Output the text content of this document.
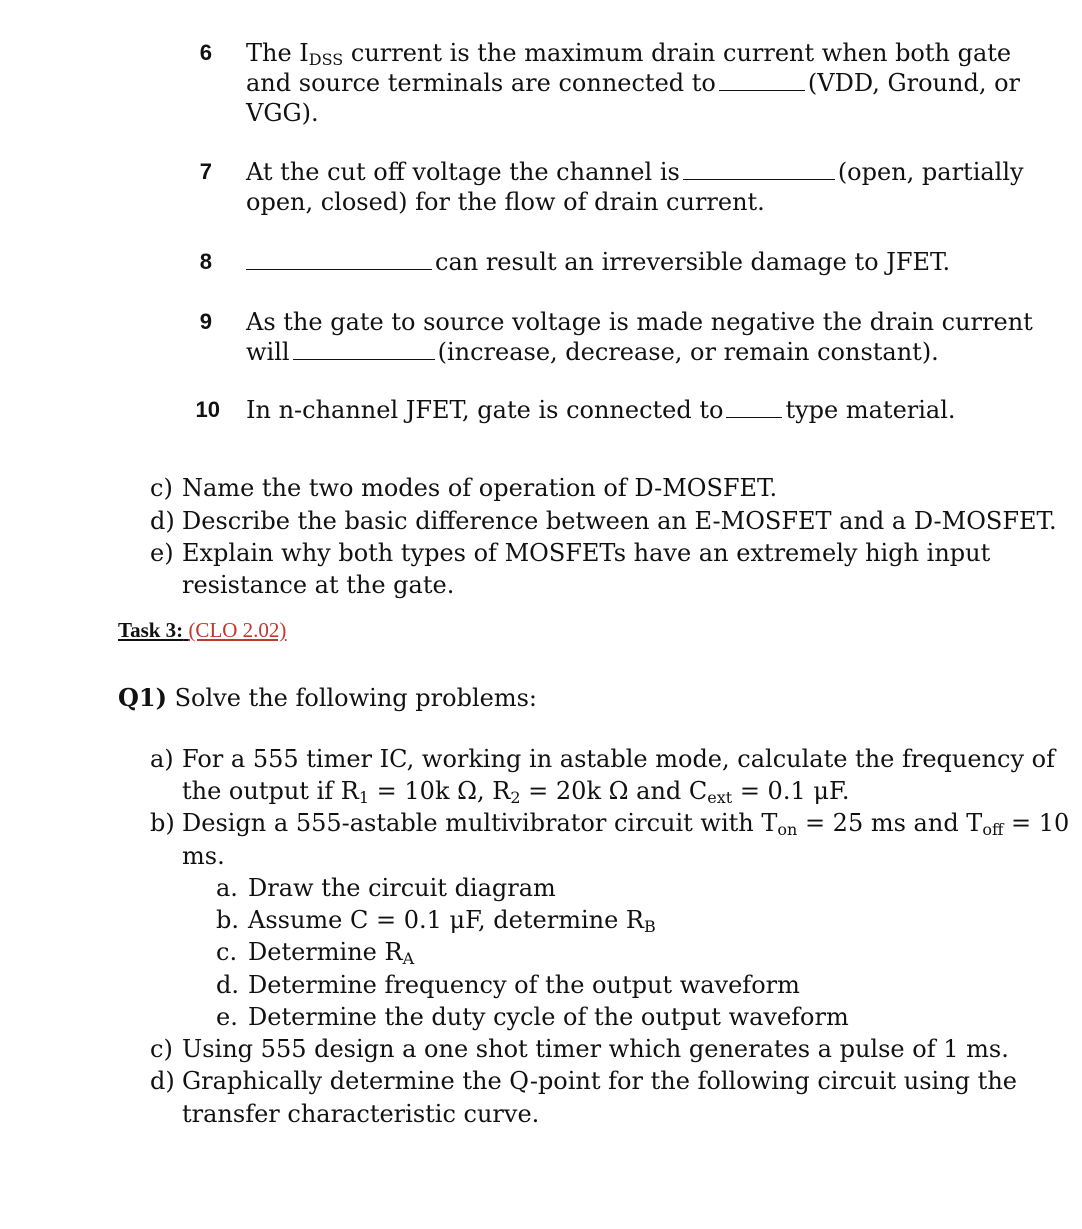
6 The IDSS current is the maximum drain current when both gate
and source terminals are connected to	(VDD, Ground, or
VGG).
7 At the cut off voltage the channel is	(open, partially
open, closed) for the flow of drain current.
8	can result an irreversible damage to JFET.
9 As the gate to source voltage is made negative the drain current
will	(increase, decrease, or remain constant).
10 In n-channel JFET, gate is connected to	type material.
c) Name the two modes of operation of D-MOSFET.
d) Describe the basic difference between an E-MOSFET and a D-MOSFET.
e) Explain why both types of MOSFETs have an extremely high input
resistance at the gate.
Task 3: (CLO 2.02)
Q1) Solve the following problems:
a) For a 555 timer IC, working in astable mode, calculate the frequency of
the output if R1 = 10k Ω, R2 = 20k Ω and Cext = 0.1 μF.
b) Design a 555-astable multivibrator circuit with Ton = 25 ms and Toff = 10
ms.
a. Draw the circuit diagram
b. Assume C = 0.1 μF, determine RB
c. Determine RA
d. Determine frequency of the output waveform
e. Determine the duty cycle of the output waveform
c) Using 555 design a one shot timer which generates a pulse of 1 ms.
d) Graphically determine the Q-point for the following circuit using the
transfer characteristic curve.
